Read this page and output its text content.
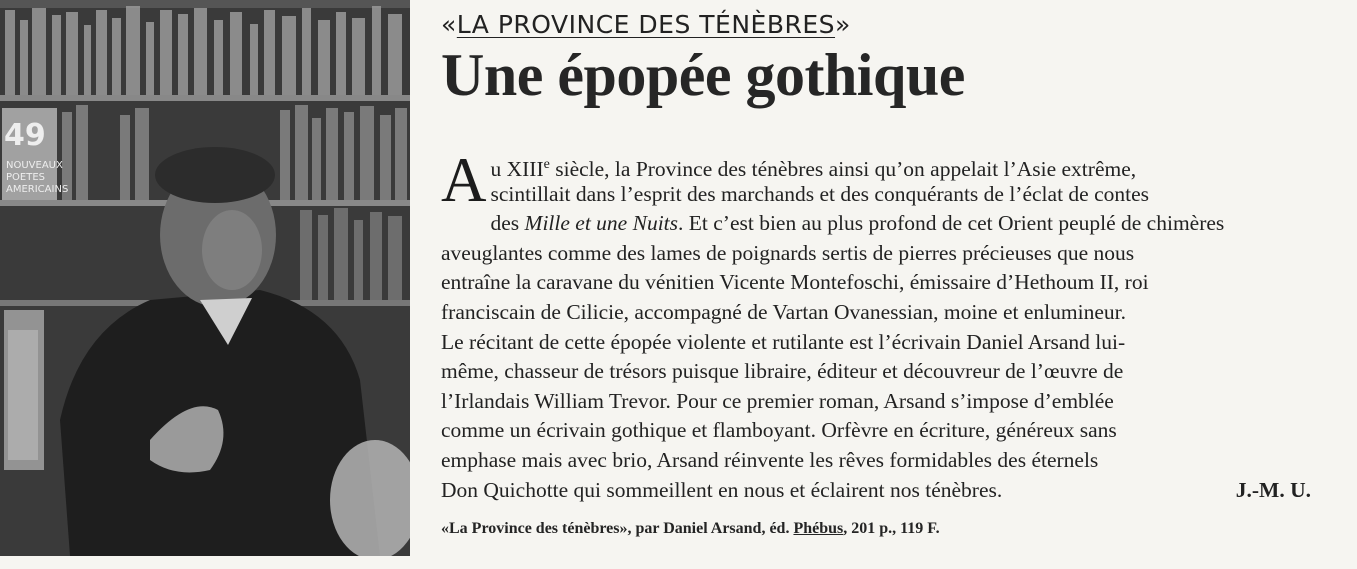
49
NOUVEAUX
POETES
AMERICAINS
«LA PROVINCE DES TÉNÈBRES»
Une épopée gothique
A u XIIIe siècle, la Province des ténèbres ainsi qu’on appelait l’Asie extrême,
scintillait dans l’esprit des marchands et des conquérants de l’éclat de contes
des Mille et une Nuits. Et c’est bien au plus profond de cet Orient peuplé de chimères
aveuglantes comme des lames de poignards sertis de pierres précieuses que nous
entraîne la caravane du vénitien Vicente Montefoschi, émissaire d’Hethoum II, roi
franciscain de Cilicie, accompagné de Vartan Ovanessian, moine et enlumineur.
Le récitant de cette épopée violente et rutilante est l’écrivain Daniel Arsand lui-
même, chasseur de trésors puisque libraire, éditeur et découvreur de l’œuvre de
l’Irlandais William Trevor. Pour ce premier roman, Arsand s’impose d’emblée
comme un écrivain gothique et flamboyant. Orfèvre en écriture, généreux sans
emphase mais avec brio, Arsand réinvente les rêves formidables des éternels
Don Quichotte qui sommeillent en nous et éclairent nos ténèbres.	J.-M. U.
«La Province des ténèbres», par Daniel Arsand, éd. Phébus, 201 p., 119 F.
